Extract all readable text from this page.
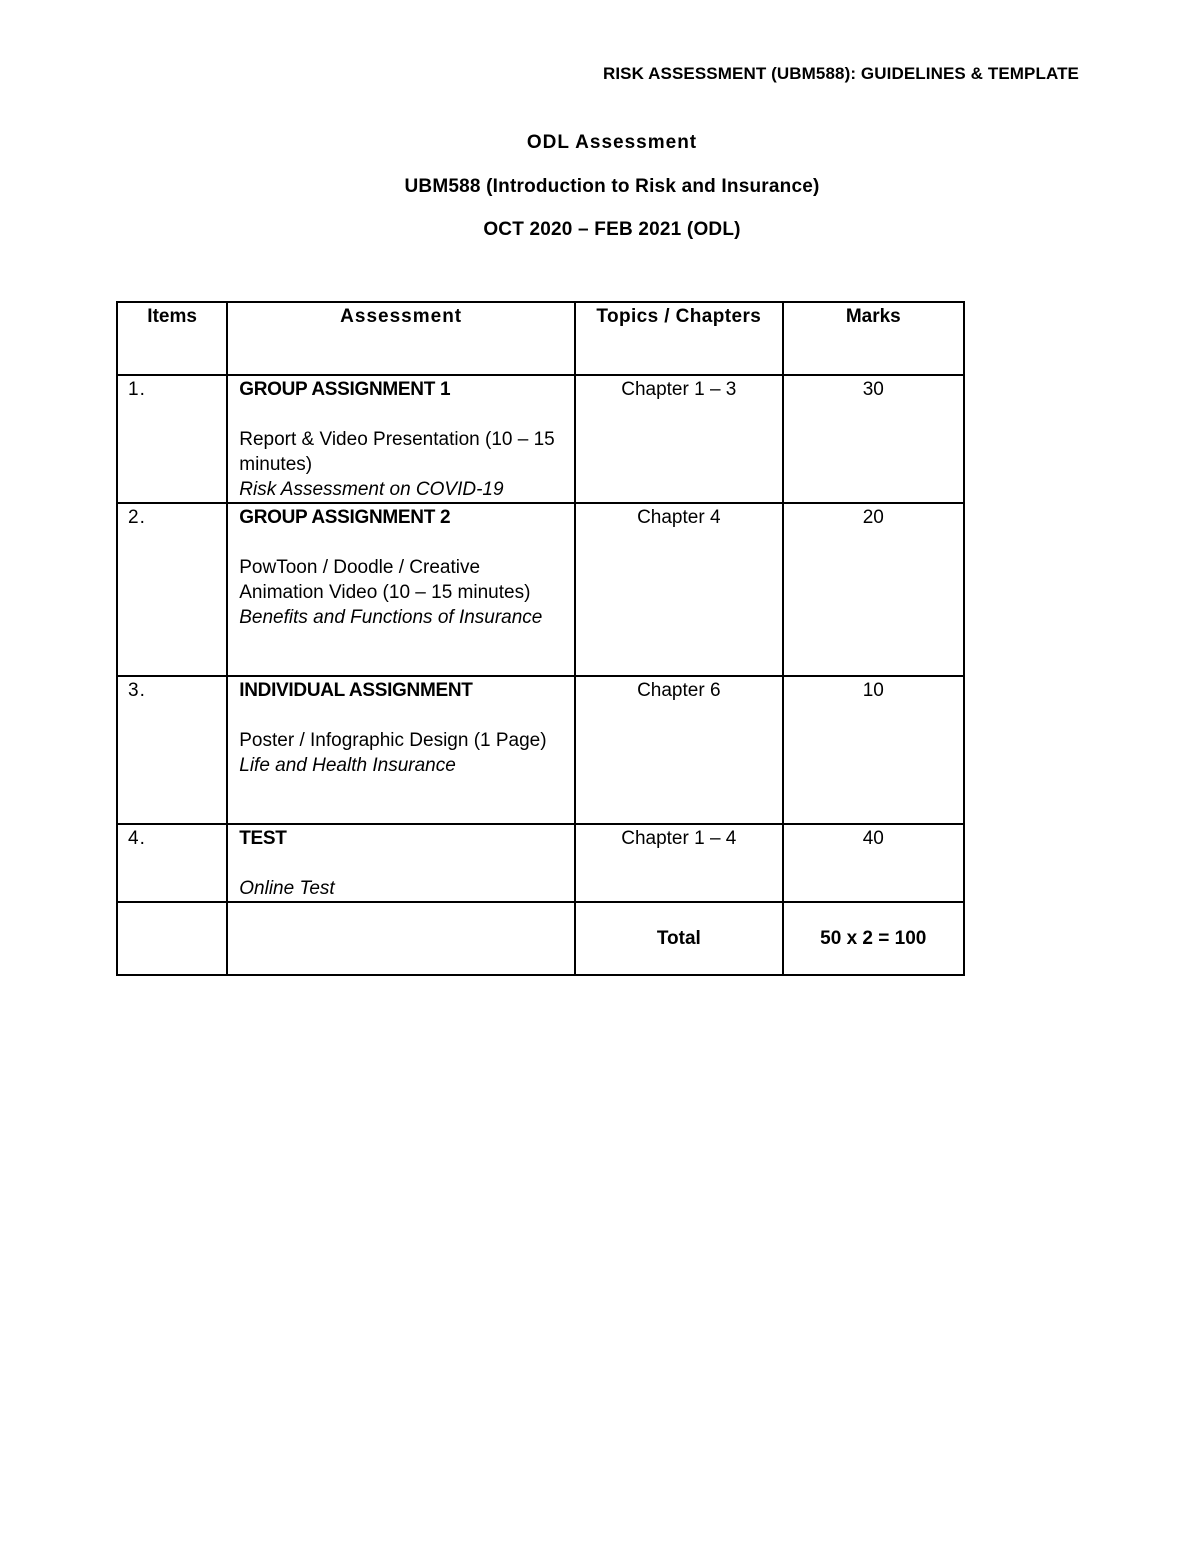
RISK ASSESSMENT (UBM588): GUIDELINES & TEMPLATE
ODL Assessment
UBM588 (Introduction to Risk and Insurance)
OCT 2020 – FEB 2021 (ODL)
Items	Assessment	Topics / Chapters	Marks
1.	GROUP ASSIGNMENT 1
Report & Video Presentation (10 – 15 minutes)
Risk Assessment on COVID-19	Chapter 1 – 3	30
2.	GROUP ASSIGNMENT 2
PowToon / Doodle / Creative Animation Video (10 – 15 minutes)
Benefits and Functions of Insurance	Chapter 4	20
3.	INDIVIDUAL ASSIGNMENT
Poster / Infographic Design (1 Page)
Life and Health Insurance	Chapter 6	10
4.	TEST
Online Test	Chapter 1 – 4	40
		Total	50 x 2 = 100
